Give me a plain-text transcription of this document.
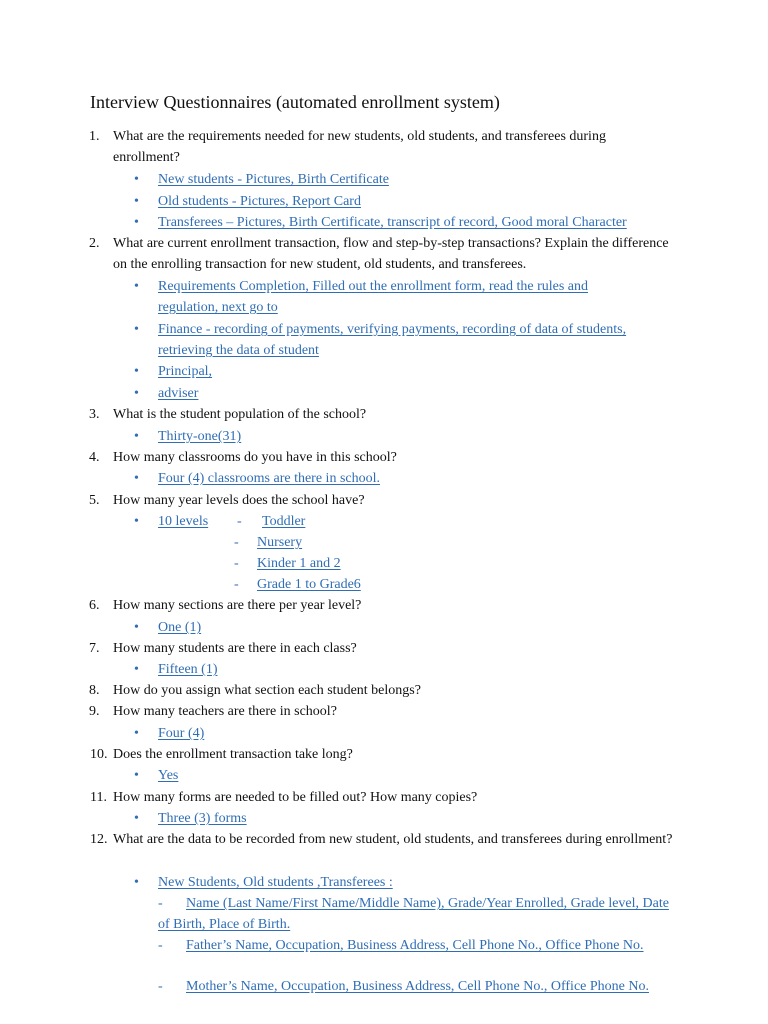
Interview Questionnaires (automated enrollment system)
1. What are the requirements needed for new students, old students, and transferees during enrollment?
• New students - Pictures, Birth Certificate
• Old students - Pictures, Report Card
• Transferees – Pictures, Birth Certificate, transcript of record, Good moral Character
2. What are current enrollment transaction, flow and step-by-step transactions? Explain the difference on the enrolling transaction for new student, old students, and transferees.
• Requirements Completion, Filled out the enrollment form, read the rules and regulation, next go to
• Finance - recording of payments, verifying payments, recording of data of students, retrieving the data of student
• Principal,
• adviser
3. What is the student population of the school?
• Thirty-one(31)
4. How many classrooms do you have in this school?
• Four (4) classrooms are there in school.
5. How many year levels does the school have?
• 10 levels	- Toddler
- Nursery
- Kinder 1 and 2
- Grade 1 to Grade6
6. How many sections are there per year level?
• One (1)
7. How many students are there in each class?
• Fifteen (1)
8. How do you assign what section each student belongs?
9. How many teachers are there in school?
• Four (4)
10. Does the enrollment transaction take long?
• Yes
11. How many forms are needed to be filled out? How many copies?
• Three (3) forms
12. What are the data to be recorded from new student, old students, and transferees during enrollment?
• New Students, Old students ,Transferees :
- Name (Last Name/First Name/Middle Name), Grade/Year Enrolled, Grade level, Date of Birth, Place of Birth.
- Father’s Name, Occupation, Business Address, Cell Phone No., Office Phone No.
- Mother’s Name, Occupation, Business Address, Cell Phone No., Office Phone No.
